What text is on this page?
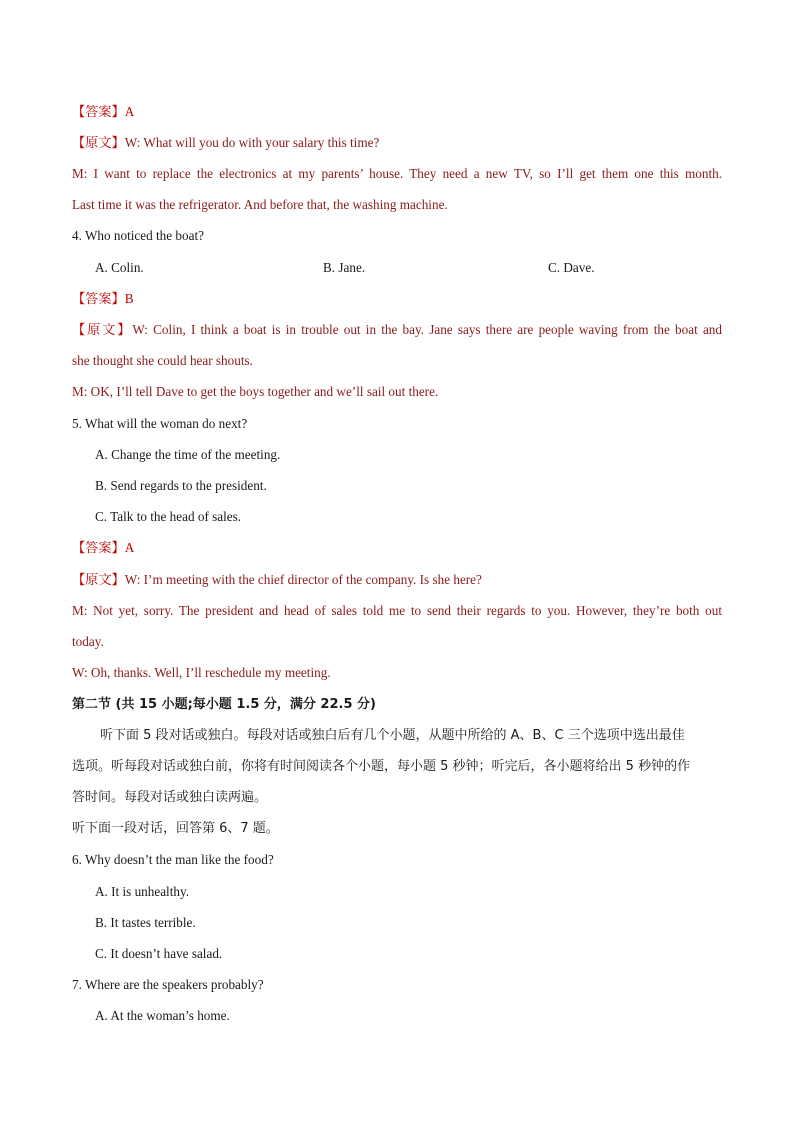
【答案】A
【原文】W: What will you do with your salary this time?
M: I want to replace the electronics at my parents’ house. They need a new TV, so I’ll get them one this month.
Last time it was the refrigerator. And before that, the washing machine.
4. Who noticed the boat?
A. Colin.	B. Jane.	C. Dave.
【答案】B
【原文】W: Colin, I think a boat is in trouble out in the bay. Jane says there are people waving from the boat and
she thought she could hear shouts.
M: OK, I’ll tell Dave to get the boys together and we’ll sail out there.
5. What will the woman do next?
A. Change the time of the meeting.
B. Send regards to the president.
C. Talk to the head of sales.
【答案】A
【原文】W: I’m meeting with the chief director of the company. Is she here?
M: Not yet, sorry. The president and head of sales told me to send their regards to you. However, they’re both out
today.
W: Oh, thanks. Well, I’ll reschedule my meeting.
第二节 (共 15 小题;每小题 1.5 分，满分 22.5 分)
听下面 5 段对话或独白。每段对话或独白后有几个小题，从题中所给的 A、B、C 三个选项中选出最佳
选项。听每段对话或独白前，你将有时间阅读各个小题，每小题 5 秒钟；听完后，各小题将给出 5 秒钟的作
答时间。每段对话或独白读两遍。
听下面一段对话，回答第 6、7 题。
6. Why doesn’t the man like the food?
A. It is unhealthy.
B. It tastes terrible.
C. It doesn’t have salad.
7. Where are the speakers probably?
A. At the woman’s home.
